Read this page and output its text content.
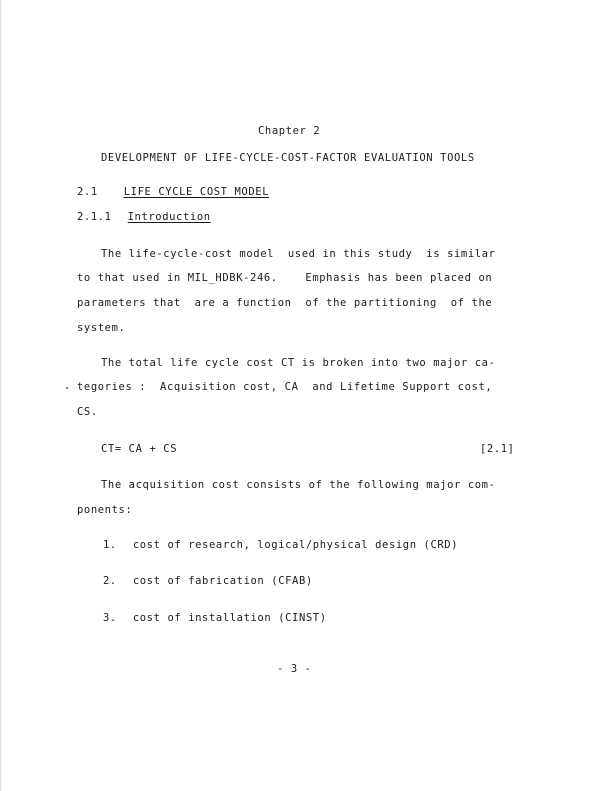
Chapter 2
DEVELOPMENT OF LIFE-CYCLE-COST-FACTOR EVALUATION TOOLS
2.1 LIFE CYCLE COST MODEL
2.1.1 Introduction
The life-cycle-cost model  used in this study  is similar
to that used in MIL_HDBK-246.    Emphasis has been placed on
parameters that  are a function  of the partitioning  of the
system.
The total life cycle cost CT is broken into two major ca-
tegories :  Acquisition cost, CA  and Lifetime Support cost,
CS.
CT= CA + CS	[2.1]
The acquisition cost consists of the following major com-
ponents:
1. cost of research, logical/physical design (CRD)
2. cost of fabrication (CFAB)
3. cost of installation (CINST)
- 3 -
